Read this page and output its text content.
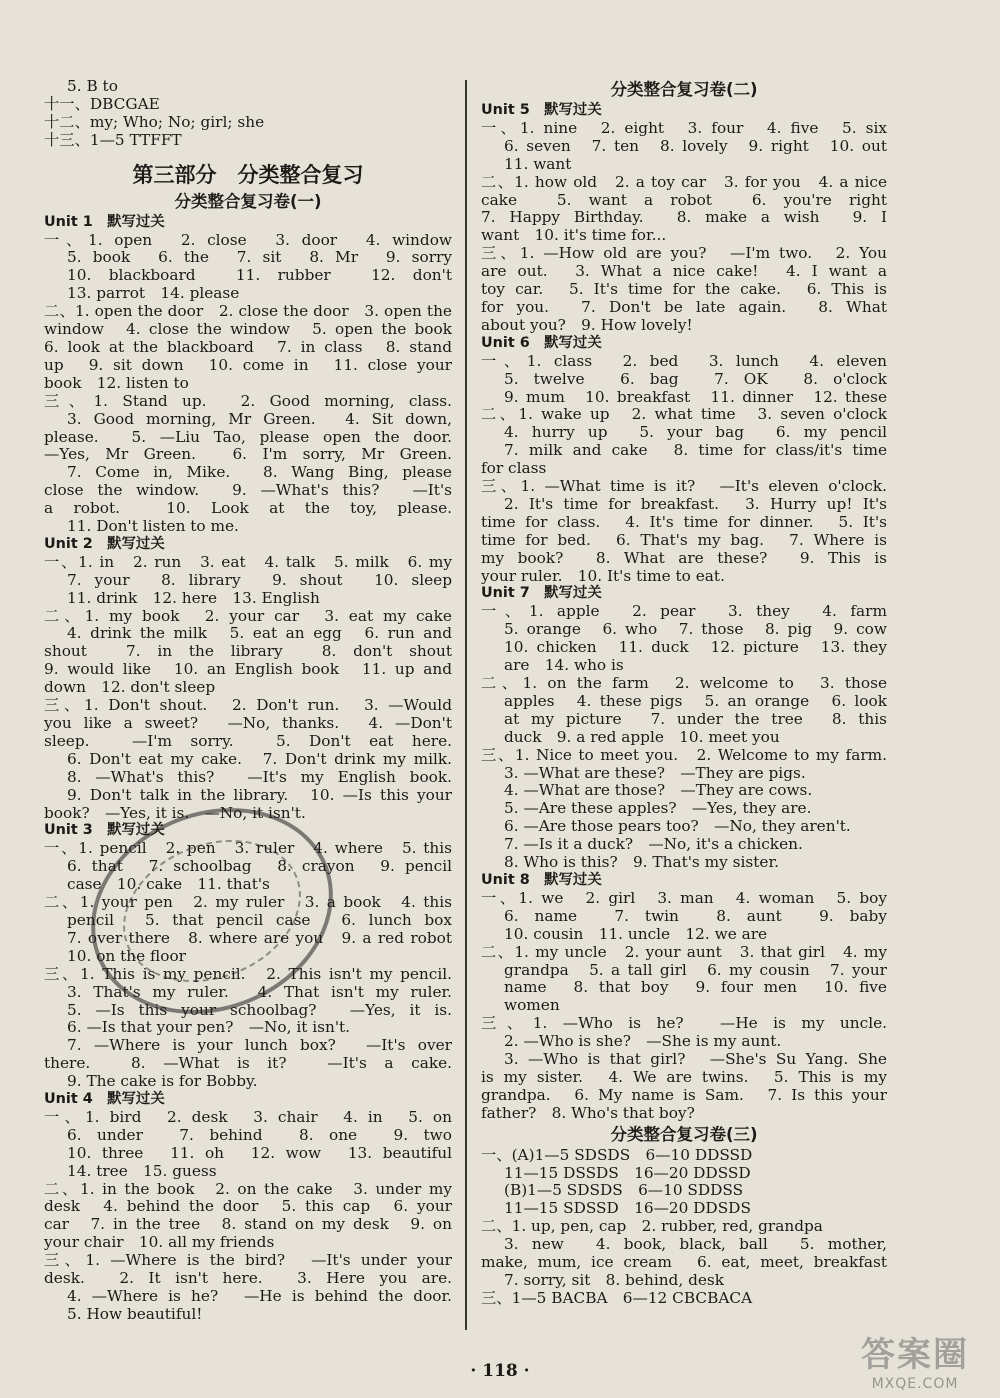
5. B to
十一、DBCGAE
十二、my; Who; No; girl; she
十三、1—5 TTFFT
第三部分　分类整合复习
分类整合复习卷(一)
Unit 1　默写过关
一、1. open　2. close　3. door　4. window
5. book　6. the　7. sit　8. Mr　9. sorry
10. blackboard　11. rubber　12. don't
13. parrot　14. please
二、1. open the door　2. close the door　3. open the
window　4. close the window　5. open the book
6. look at the blackboard　7. in class　8. stand
up　9. sit down　10. come in　11. close your
book　12. listen to
三、1. Stand up.　2. Good morning, class.
3. Good morning, Mr Green.　4. Sit down,
please.　5. —Liu Tao, please open the door.
—Yes, Mr Green.　6. I'm sorry, Mr Green.
7. Come in, Mike.　8. Wang Bing, please
close the window.　9. —What's this?　—It's
a robot.　10. Look at the toy, please.
11. Don't listen to me.
Unit 2　默写过关
一、1. in　2. run　3. eat　4. talk　5. milk　6. my
7. your　8. library　9. shout　10. sleep
11. drink　12. here　13. English
二、1. my book　2. your car　3. eat my cake
4. drink the milk　5. eat an egg　6. run and
shout　7. in the library　8. don't shout
9. would like　10. an English book　11. up and
down　12. don't sleep
三、1. Don't shout.　2. Don't run.　3. —Would
you like a sweet?　—No, thanks.　4. —Don't
sleep.　—I'm sorry.　5. Don't eat here.
6. Don't eat my cake.　7. Don't drink my milk.
8. —What's this?　—It's my English book.
9. Don't talk in the library.　10. —Is this your
book?　—Yes, it is.　—No, it isn't.
Unit 3　默写过关
一、1. pencil　2. pen　3. ruler　4. where　5. this
6. that　7. schoolbag　8. crayon　9. pencil
case　10. cake　11. that's
二、1. your pen　2. my ruler　3. a book　4. this
pencil　5. that pencil case　6. lunch box
7. over there　8. where are you　9. a red robot
10. on the floor
三、1. This is my pencil.　2. This isn't my pencil.
3. That's my ruler.　4. That isn't my ruler.
5. —Is this your schoolbag?　—Yes, it is.
6. —Is that your pen?　—No, it isn't.
7. —Where is your lunch box?　—It's over
there.　8. —What is it?　—It's a cake.
9. The cake is for Bobby.
Unit 4　默写过关
一、1. bird　2. desk　3. chair　4. in　5. on
6. under　7. behind　8. one　9. two
10. three　11. oh　12. wow　13. beautiful
14. tree　15. guess
二、1. in the book　2. on the cake　3. under my
desk　4. behind the door　5. this cap　6. your
car　7. in the tree　8. stand on my desk　9. on
your chair　10. all my friends
三、1. —Where is the bird?　—It's under your
desk.　2. It isn't here.　3. Here you are.
4. —Where is he?　—He is behind the door.
5. How beautiful!
分类整合复习卷(二)
Unit 5　默写过关
一、1. nine　2. eight　3. four　4. five　5. six
6. seven　7. ten　8. lovely　9. right　10. out
11. want
二、1. how old　2. a toy car　3. for you　4. a nice
cake　5. want a robot　6. you're right
7. Happy Birthday.　8. make a wish　9. I
want　10. it's time for...
三、1. —How old are you?　—I'm two.　2. You
are out.　3. What a nice cake!　4. I want a
toy car.　5. It's time for the cake.　6. This is
for you.　7. Don't be late again.　8. What
about you?　9. How lovely!
Unit 6　默写过关
一、1. class　2. bed　3. lunch　4. eleven
5. twelve　6. bag　7. OK　8. o'clock
9. mum　10. breakfast　11. dinner　12. these
二、1. wake up　2. what time　3. seven o'clock
4. hurry up　5. your bag　6. my pencil
7. milk and cake　8. time for class/it's time
for class
三、1. —What time is it?　—It's eleven o'clock.
2. It's time for breakfast.　3. Hurry up! It's
time for class.　4. It's time for dinner.　5. It's
time for bed.　6. That's my bag.　7. Where is
my book?　8. What are these?　9. This is
your ruler.　10. It's time to eat.
Unit 7　默写过关
一、1. apple　2. pear　3. they　4. farm
5. orange　6. who　7. those　8. pig　9. cow
10. chicken　11. duck　12. picture　13. they
are　14. who is
二、1. on the farm　2. welcome to　3. those
apples　4. these pigs　5. an orange　6. look
at my picture　7. under the tree　8. this
duck　9. a red apple　10. meet you
三、1. Nice to meet you.　2. Welcome to my farm.
3. —What are these?　—They are pigs.
4. —What are those?　—They are cows.
5. —Are these apples?　—Yes, they are.
6. —Are those pears too?　—No, they aren't.
7. —Is it a duck?　—No, it's a chicken.
8. Who is this?　9. That's my sister.
Unit 8　默写过关
一、1. we　2. girl　3. man　4. woman　5. boy
6. name　7. twin　8. aunt　9. baby
10. cousin　11. uncle　12. we are
二、1. my uncle　2. your aunt　3. that girl　4. my
grandpa　5. a tall girl　6. my cousin　7. your
name　8. that boy　9. four men　10. five
women
三、1. —Who is he?　—He is my uncle.
2. —Who is she?　—She is my aunt.
3. —Who is that girl?　—She's Su Yang. She
is my sister.　4. We are twins.　5. This is my
grandpa.　6. My name is Sam.　7. Is this your
father?　8. Who's that boy?
分类整合复习卷(三)
一、(A)1—5 SDSDS　6—10 DDSSD
11—15 DSSDS　16—20 DDSSD
(B)1—5 SDSDS　6—10 SDDSS
11—15 SDSSD　16—20 DDSDS
二、1. up, pen, cap　2. rubber, red, grandpa
3. new　4. book, black, ball　5. mother,
make, mum, ice cream　6. eat, meet, breakfast
7. sorry, sit　8. behind, desk
三、1—5 BACBA　6—12 CBCBACA
· 118 ·	答案圈
MXQE.COM
